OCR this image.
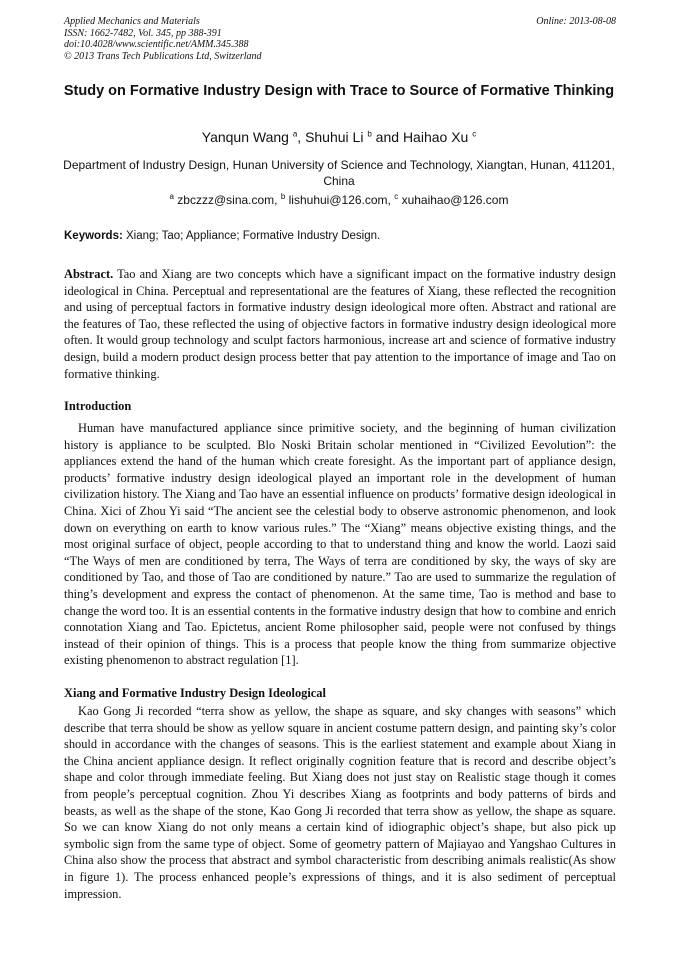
Applied Mechanics and Materials
ISSN: 1662-7482, Vol. 345, pp 388-391
doi:10.4028/www.scientific.net/AMM.345.388
© 2013 Trans Tech Publications Ltd, Switzerland
Online: 2013-08-08
Study on Formative Industry Design with Trace to Source of Formative Thinking
Yanqun Wang $^a$, Shuhui Li $^b$ and Haihao Xu $^c$
Department of Industry Design, Hunan University of Science and Technology, Xiangtan, Hunan, 411201, China
$^a$ zbczzz@sina.com, $^b$ lishuhui@126.com, $^c$ xuhaihao@126.com
Keywords: Xiang; Tao; Appliance; Formative Industry Design.
Abstract. Tao and Xiang are two concepts which have a significant impact on the formative industry design ideological in China. Perceptual and representational are the features of Xiang, these reflected the recognition and using of perceptual factors in formative industry design ideological more often. Abstract and rational are the features of Tao, these reflected the using of objective factors in formative industry design ideological more often. It would group technology and sculpt factors harmonious, increase art and science of formative industry design, build a modern product design process better that pay attention to the importance of image and Tao on formative thinking.
Introduction
Human have manufactured appliance since primitive society, and the beginning of human civilization history is appliance to be sculpted. Blo Noski Britain scholar mentioned in “Civilized Eevolution”: the appliances extend the hand of the human which create foresight. As the important part of appliance design, products’ formative industry design ideological played an important role in the development of human civilization history. The Xiang and Tao have an essential influence on products’ formative design ideological in China. Xici of Zhou Yi said “The ancient see the celestial body to observe astronomic phenomenon, and look down on everything on earth to know various rules.” The “Xiang” means objective existing things, and the most original surface of object, people according to that to understand thing and know the world. Laozi said “The Ways of men are conditioned by terra, The Ways of terra are conditioned by sky, the ways of sky are conditioned by Tao, and those of Tao are conditioned by nature.” Tao are used to summarize the regulation of thing’s development and express the contact of phenomenon. At the same time, Tao is method and base to change the word too. It is an essential contents in the formative industry design that how to combine and enrich connotation Xiang and Tao. Epictetus, ancient Rome philosopher said, people were not confused by things instead of their opinion of things. This is a process that people know the thing from summarize objective existing phenomenon to abstract regulation [1].
Xiang and Formative Industry Design Ideological
Kao Gong Ji recorded “terra show as yellow, the shape as square, and sky changes with seasons” which describe that terra should be show as yellow square in ancient costume pattern design, and painting sky’s color should in accordance with the changes of seasons. This is the earliest statement and example about Xiang in the China ancient appliance design. It reflect originally cognition feature that is record and describe object’s shape and color through immediate feeling. But Xiang does not just stay on Realistic stage though it comes from people’s perceptual cognition. Zhou Yi describes Xiang as footprints and body patterns of birds and beasts, as well as the shape of the stone, Kao Gong Ji recorded that terra show as yellow, the shape as square. So we can know Xiang do not only means a certain kind of idiographic object’s shape, but also pick up symbolic sign from the same type of object. Some of geometry pattern of Majiayao and Yangshao Cultures in China also show the process that abstract and symbol characteristic from describing animals realistic(As show in figure 1). The process enhanced people’s expressions of things, and it is also sediment of perceptual impression.
